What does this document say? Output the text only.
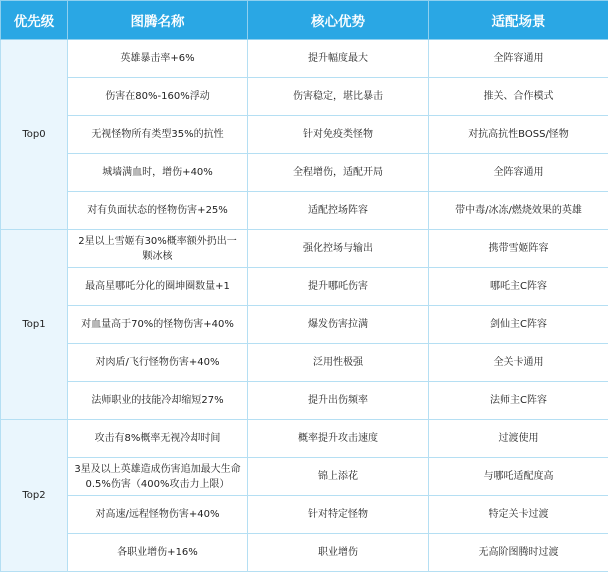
优先级	图腾名称	核心优势	适配场景
Top0	英雄暴击率+6%	提升幅度最大	全阵容通用
	伤害在80%-160%浮动	伤害稳定，堪比暴击	推关、合作模式
	无视怪物所有类型35%的抗性	针对免疫类怪物	对抗高抗性BOSS/怪物
	城墙满血时，增伤+40%	全程增伤，适配开局	全阵容通用
	对有负面状态的怪物伤害+25%	适配控场阵容	带中毒/冰冻/燃烧效果的英雄
Top1	2星以上雪姬有30%概率额外扔出一颗冰核	强化控场与输出	携带雪姬阵容
	最高星哪吒分化的圈坤圈数量+1	提升哪吒伤害	哪吒主C阵容
	对血量高于70%的怪物伤害+40%	爆发伤害拉满	剑仙主C阵容
	对肉盾/飞行怪物伤害+40%	泛用性极强	全关卡通用
	法师职业的技能冷却缩短27%	提升出伤频率	法师主C阵容
Top2	攻击有8%概率无视冷却时间	概率提升攻击速度	过渡使用
	3星及以上英雄造成伤害追加最大生命0.5%伤害（400%攻击力上限）	锦上添花	与哪吒适配度高
	对高速/远程怪物伤害+40%	针对特定怪物	特定关卡过渡
	各职业增伤+16%	职业增伤	无高阶图腾时过渡
